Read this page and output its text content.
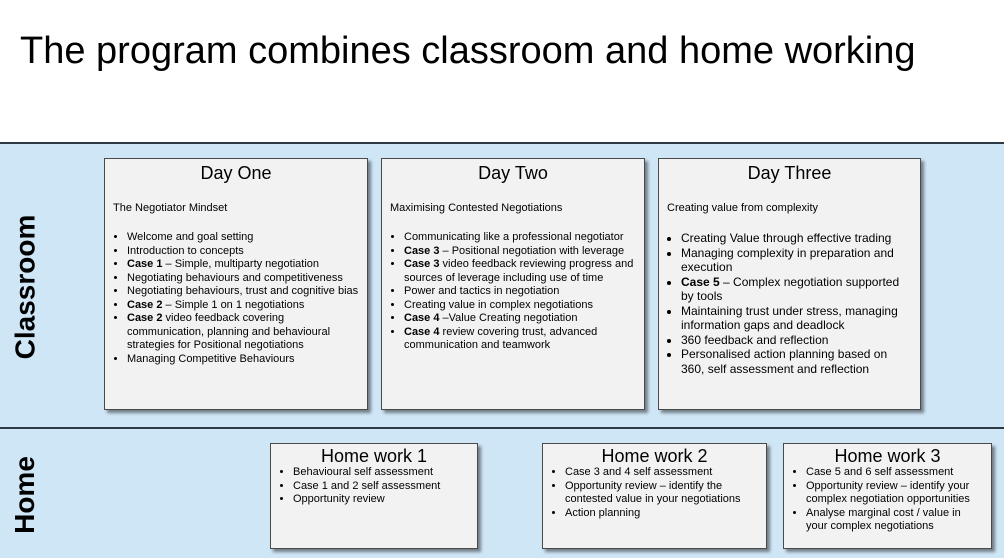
The program combines classroom and home working
Classroom
Home
Day One
The Negotiator Mindset
• Welcome and goal setting
• Introduction to concepts
• Case 1 – Simple, multiparty negotiation
• Negotiating behaviours and competitiveness
• Negotiating behaviours, trust and cognitive bias
• Case 2 – Simple 1 on 1 negotiations
• Case 2 video feedback covering communication, planning and behavioural strategies for Positional negotiations
• Managing Competitive Behaviours
Day Two
Maximising Contested Negotiations
• Communicating like a professional negotiator
• Case 3 – Positional negotiation with leverage
• Case 3 video feedback reviewing progress and sources of leverage including use of time
• Power and tactics in negotiation
• Creating value in complex negotiations
• Case 4 –Value Creating negotiation
• Case 4 review covering trust, advanced communication and teamwork
Day Three
Creating value from complexity
• Creating Value through effective trading
• Managing complexity in preparation and execution
• Case 5 – Complex negotiation supported by tools
• Maintaining trust under stress, managing information gaps and deadlock
• 360 feedback and reflection
• Personalised action planning based on 360, self assessment and reflection
Home work 1
• Behavioural self assessment
• Case 1 and 2 self assessment
• Opportunity review
Home work 2
• Case 3 and 4 self assessment
• Opportunity review – identify the contested value in your negotiations
• Action planning
Home work 3
• Case 5 and 6 self assessment
• Opportunity review – identify your complex negotiation opportunities
• Analyse marginal cost / value in your complex negotiations
